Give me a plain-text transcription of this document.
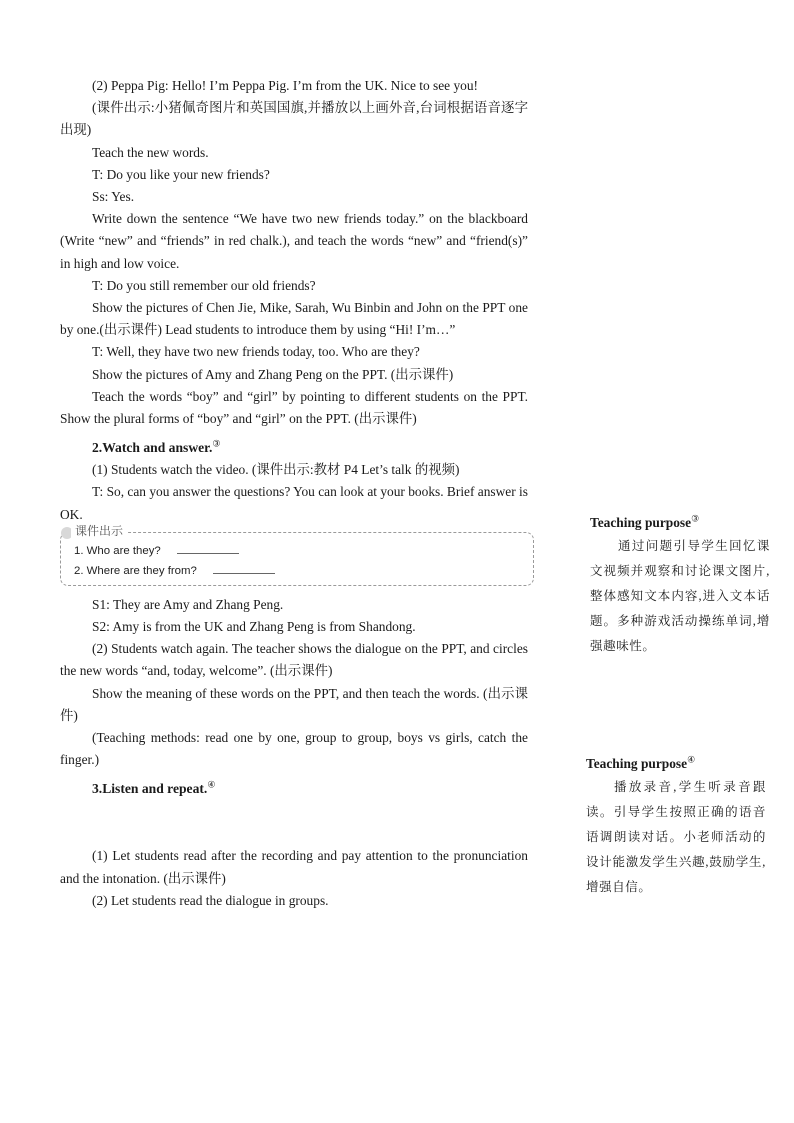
(2) Peppa Pig: Hello! I’m Peppa Pig. I’m from the UK. Nice to see you!

(课件出示:小猪佩奇图片和英国国旗,并播放以上画外音,台词根据语音逐字出现)

Teach the new words.

T: Do you like your new friends?

Ss: Yes.

Write down the sentence “We have two new friends today.” on the blackboard (Write “new” and “friends” in red chalk.), and teach the words “new” and “friend(s)” in high and low voice.

T: Do you still remember our old friends?

Show the pictures of Chen Jie, Mike, Sarah, Wu Binbin and John on the PPT one by one.(出示课件) Lead students to introduce them by using “Hi! I’m…”

T: Well, they have two new friends today, too. Who are they?

Show the pictures of Amy and Zhang Peng on the PPT. (出示课件)

Teach the words “boy” and “girl” by pointing to different students on the PPT. Show the plural forms of “boy” and “girl” on the PPT. (出示课件)

2.Watch and answer.③

(1) Students watch the video. (课件出示:教材 P4 Let’s talk 的视频)

T: So, can you answer the questions? You can look at your books. Brief answer is OK.

课件出示
1. Who are they?
2. Where are they from?

S1: They are Amy and Zhang Peng.

S2: Amy is from the UK and Zhang Peng is from Shandong.

(2) Students watch again. The teacher shows the dialogue on the PPT, and circles the new words “and, today, welcome”. (出示课件)

Show the meaning of these words on the PPT, and then teach the words. (出示课件)

(Teaching methods: read one by one, group to group, boys vs girls, catch the finger.)

3.Listen and repeat.④

(1) Let students read after the recording and pay attention to the pronunciation and the intonation. (出示课件)

(2) Let students read the dialogue in groups.

Teaching purpose③

通过问题引导学生回忆课文视频并观察和讨论课文图片,整体感知文本内容,进入文本话题。多种游戏活动操练单词,增强趣味性。

Teaching purpose④

播放录音,学生听录音跟读。引导学生按照正确的语音语调朗读对话。小老师活动的设计能激发学生兴趣,鼓励学生,增强自信。
